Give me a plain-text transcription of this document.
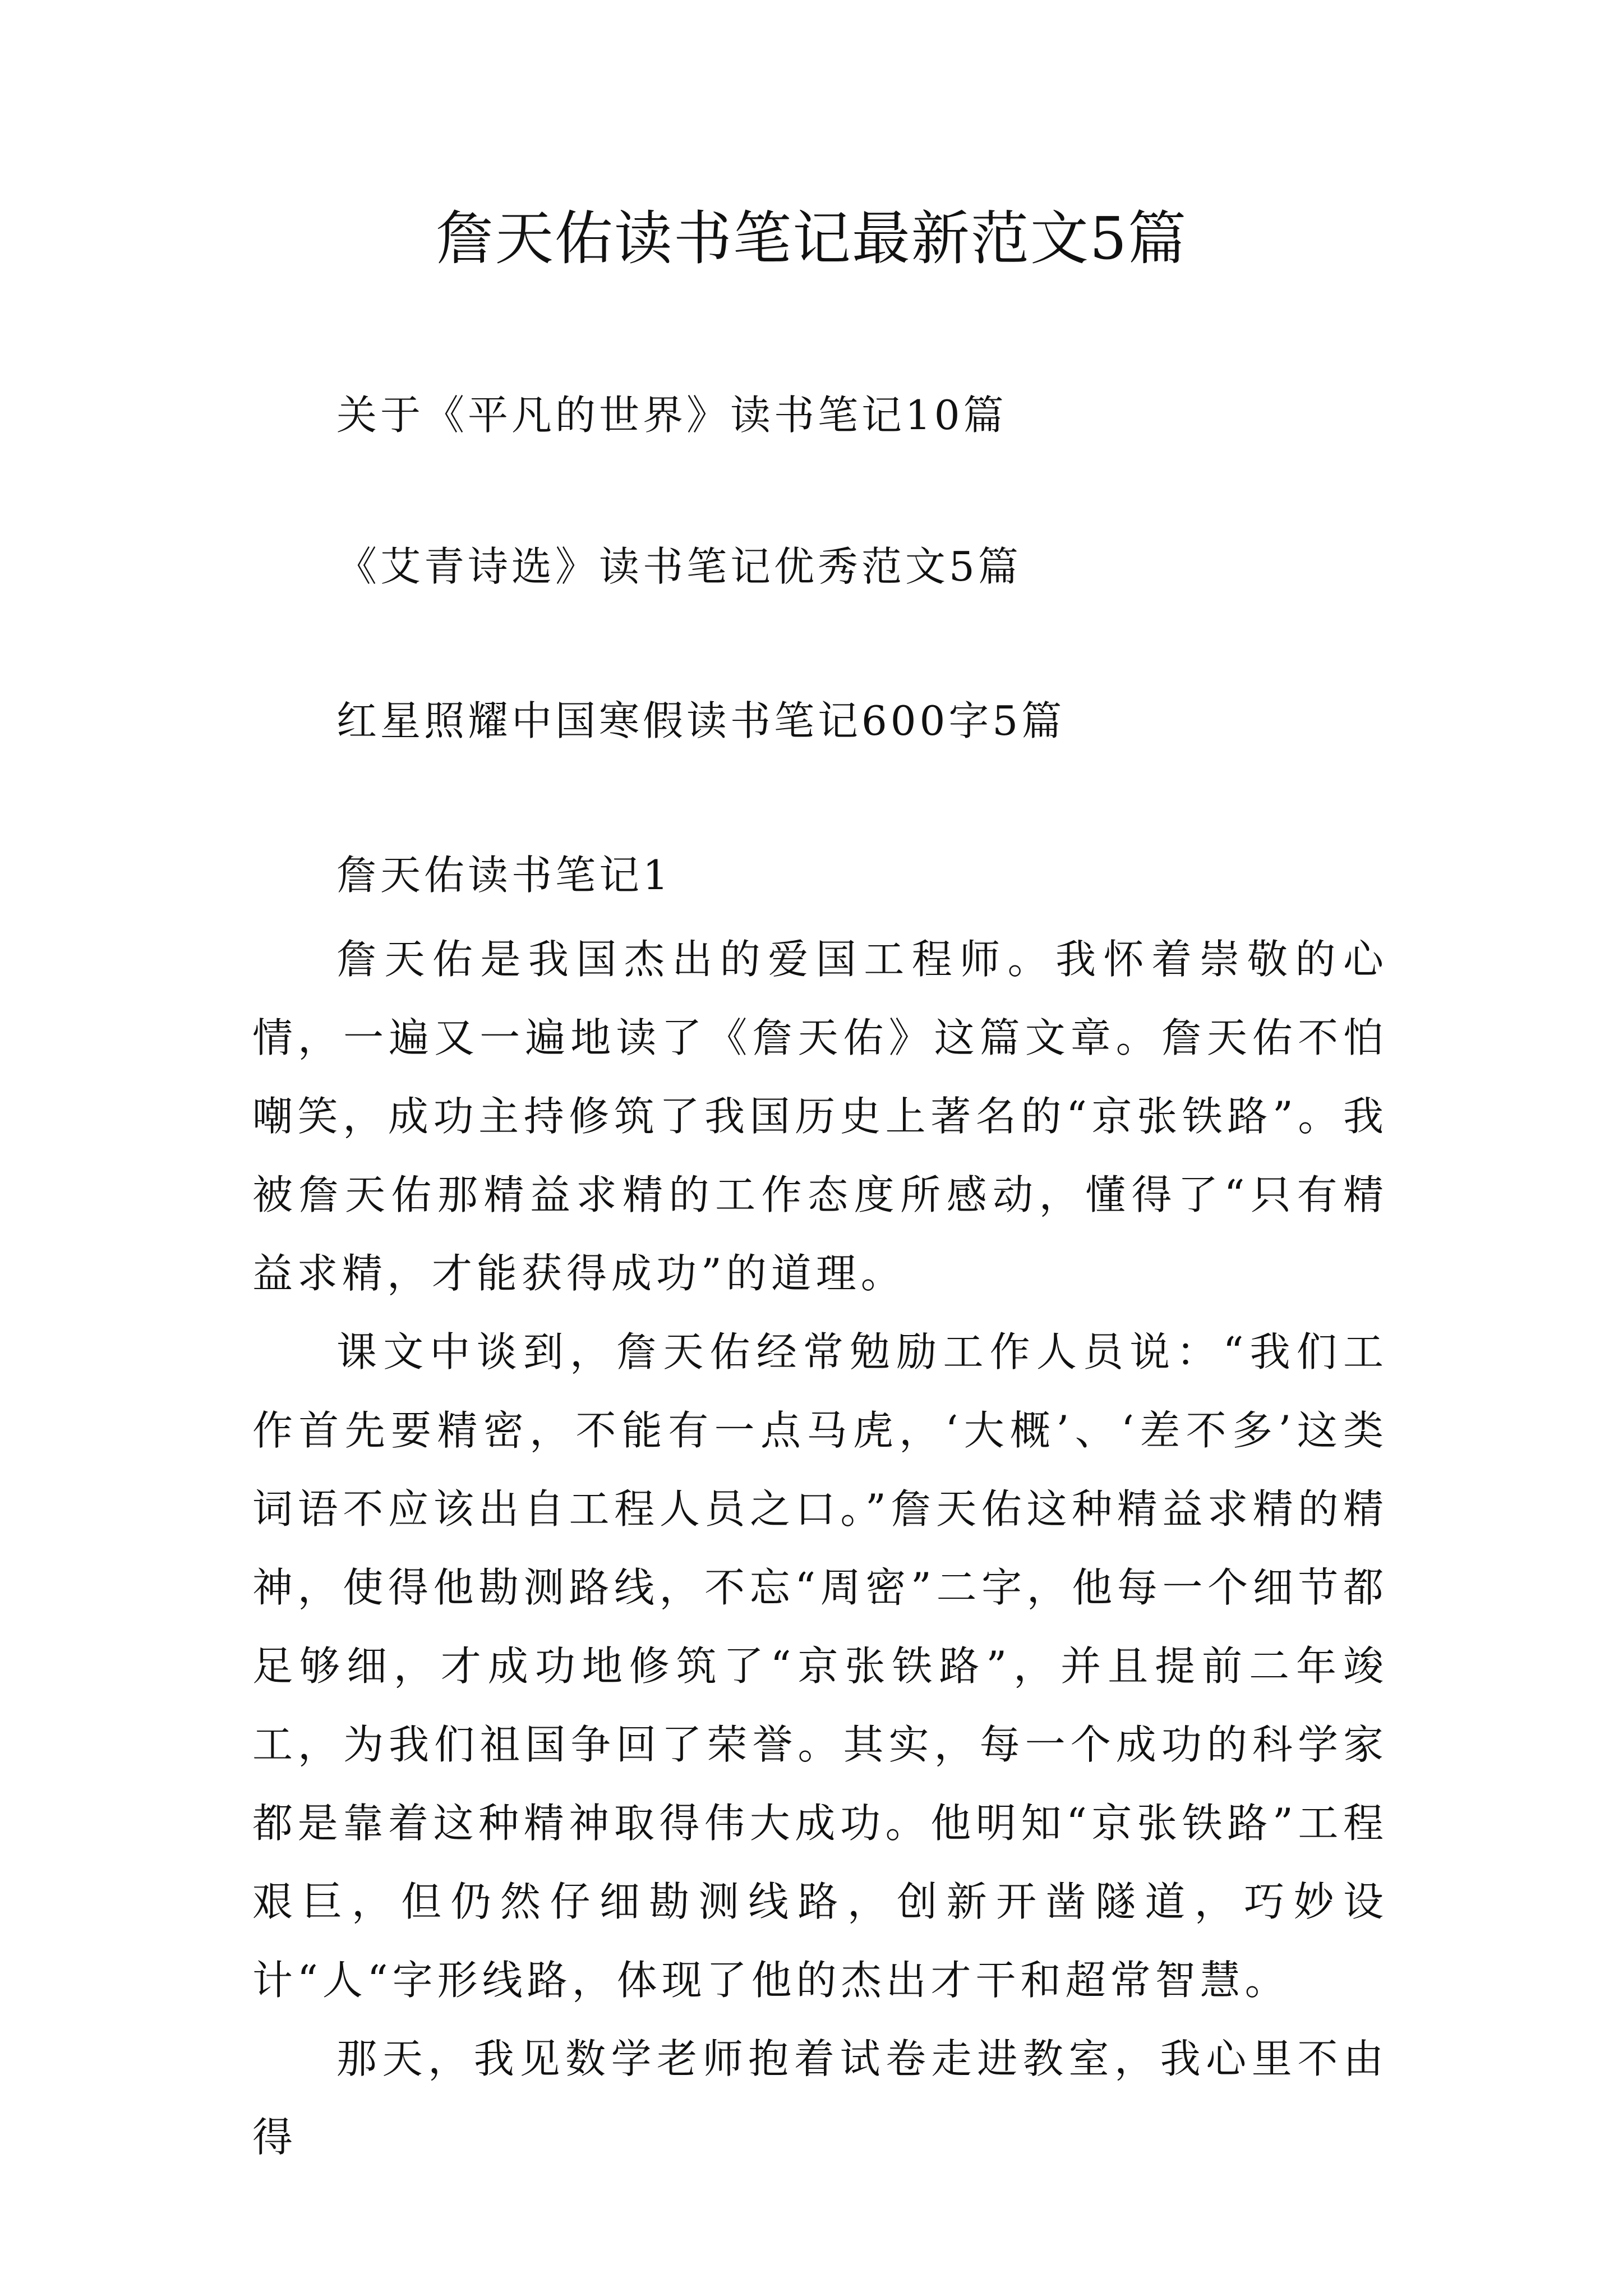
詹天佑读书笔记最新范文5篇

关于《平凡的世界》读书笔记10篇

《艾青诗选》读书笔记优秀范文5篇

红星照耀中国寒假读书笔记600字5篇

詹天佑读书笔记1

詹天佑是我国杰出的爱国工程师。我怀着崇敬的心情，一遍又一遍地读了《詹天佑》这篇文章。詹天佑不怕嘲笑，成功主持修筑了我国历史上著名的“京张铁路”。我被詹天佑那精益求精的工作态度所感动，懂得了“只有精益求精，才能获得成功”的道理。

课文中谈到，詹天佑经常勉励工作人员说：“我们工作首先要精密，不能有一点马虎，‘大概’、‘差不多’这类词语不应该出自工程人员之口。”詹天佑这种精益求精的精神，使得他勘测路线，不忘“周密”二字，他每一个细节都足够细，才成功地修筑了“京张铁路”，并且提前二年竣工，为我们祖国争回了荣誉。其实，每一个成功的科学家都是靠着这种精神取得伟大成功。他明知“京张铁路”工程艰巨，但仍然仔细勘测线路，创新开凿隧道，巧妙设计“人“字形线路，体现了他的杰出才干和超常智慧。

那天，我见数学老师抱着试卷走进教室，我心里不由得
